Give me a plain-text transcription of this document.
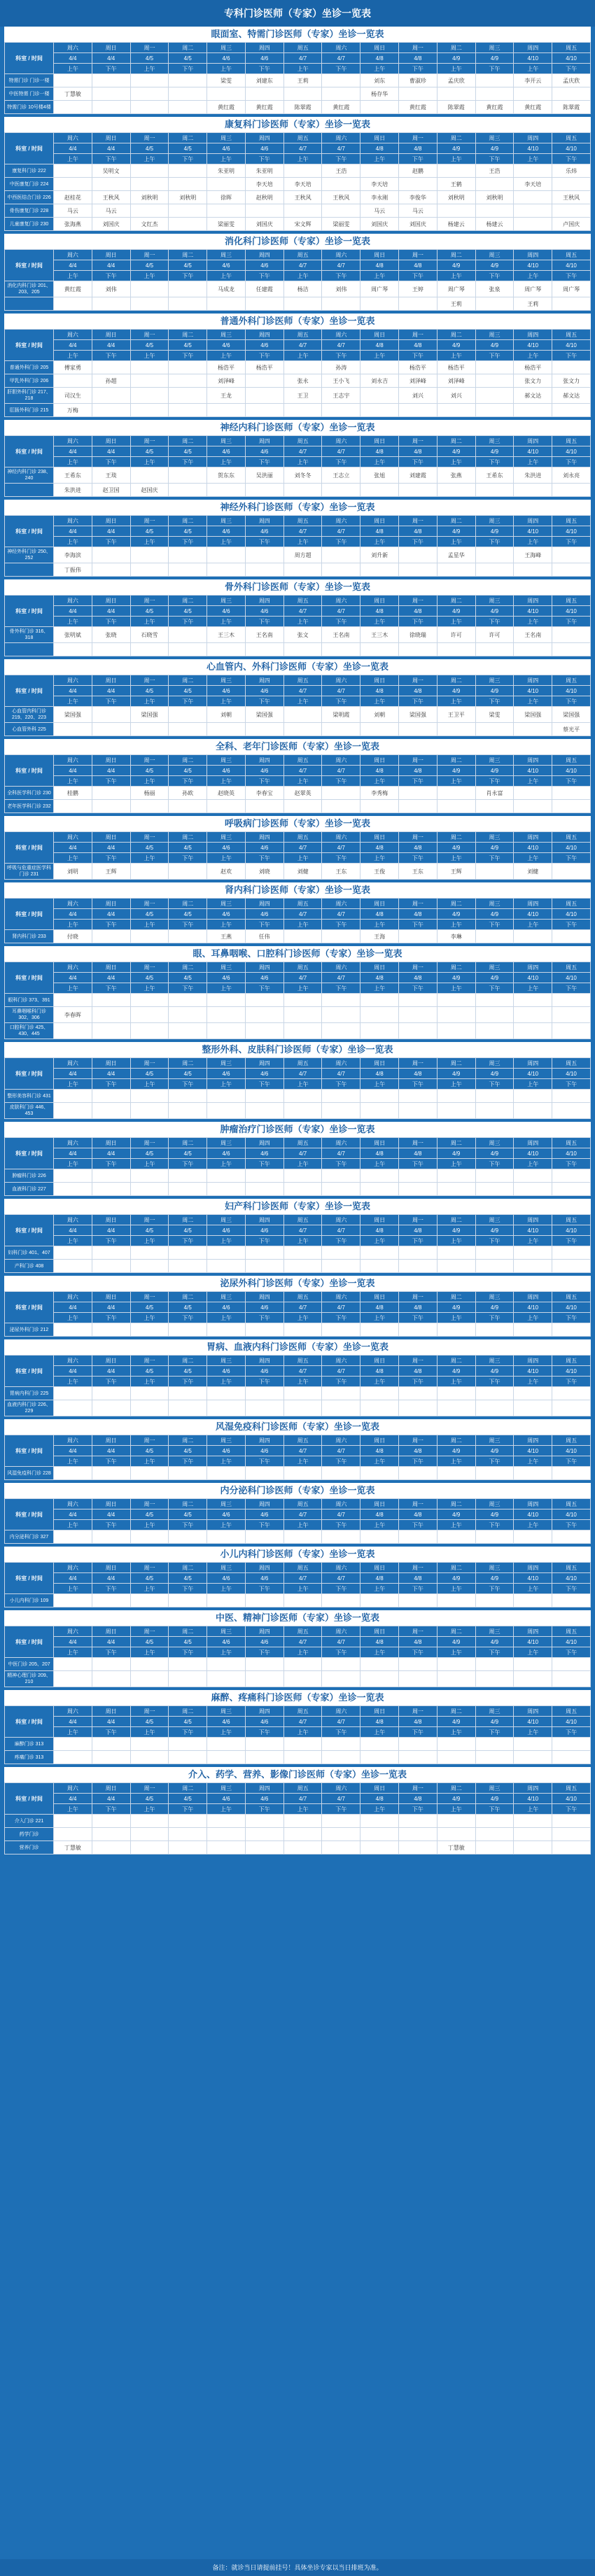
专科门诊医师（专家）坐诊一览表
眼面室、特需门诊医师（专家）坐诊一览表
科室 / 时间	周六	周日	周一	周二	周三	周四	周五	周六	周日	周一	周二	周三	周四	周五
	4/4	4/4	4/5	4/5	4/6	4/6	4/7	4/7	4/8	4/8	4/9	4/9	4/10	4/10
	上午	下午	上午	下午	上午	下午	上午	下午	上午	下午	上午	下午	上午	下午
特需门诊 门诊一楼					梁雯	刘建东	王莉		刘东	曹淑珍	孟庆欣		李开云	孟庆欣
中医特需 门诊一楼	丁慧敏								杨存华					
特需门诊 10号楼4楼					黄红霞	黄红霞	陈翠霞	黄红霞		黄红霞	陈翠霞	黄红霞	黄红霞	陈翠霞
康复科门诊医师（专家）坐诊一览表
科室 / 时间	周六	周日	周一	周二	周三	周四	周五	周六	周日	周一	周二	周三	周四	周五
	4/4	4/4	4/5	4/5	4/6	4/6	4/7	4/7	4/8	4/8	4/9	4/9	4/10	4/10
	上午	下午	上午	下午	上午	下午	上午	下午	上午	下午	上午	下午	上午	下午
康复科门诊 222		吴明文			朱亚明	朱亚明		王浩		赵鹏		王浩		乐炜
中医康复门诊 224						李天培	李天培		李天培		王鹤		李天培	
中西医结合门诊 226	赵桂花	王秋风	刘秋明	刘秋明	徐晖	赵秋明	王秋风	王秋风	李永刚	李俊华	刘秋明	刘秋明		王秋风
骨伤康复门诊 228	马云	马云							马云	马云				
儿童康复门诊 230	张海燕	刘国庆	文红杰		梁丽雯	刘国庆	宋文辉	梁丽雯	刘国庆	刘国庆	杨建云	杨建云		卢国庆
消化科门诊医师（专家）坐诊一览表
科室 / 时间	周六	周日	周一	周二	周三	周四	周五	周六	周日	周一	周二	周三	周四	周五
	4/4	4/4	4/5	4/5	4/6	4/6	4/7	4/7	4/8	4/8	4/9	4/9	4/10	4/10
	上午	下午	上午	下午	上午	下午	上午	下午	上午	下午	上午	下午	上午	下午
消化内科门诊 201、203、205	黄红霞	刘伟			马成龙	任建霞	杨洁	刘伟	周广琴	王婷	周广琴	张泉	周广琴	周广琴
											王莉		王莉	
普通外科门诊医师（专家）坐诊一览表
科室 / 时间	周六	周日	周一	周二	周三	周四	周五	周六	周日	周一	周二	周三	周四	周五
	4/4	4/4	4/5	4/5	4/6	4/6	4/7	4/7	4/8	4/8	4/9	4/9	4/10	4/10
	上午	下午	上午	下午	上午	下午	上午	下午	上午	下午	上午	下午	上午	下午
普通外科门诊 205	傅家勇				杨浩平	杨浩平		孙涛		杨浩平	杨浩平		杨浩平	
甲乳外科门诊 206		孙超			刘泽峰		张永	王小飞	刘永吉	刘泽峰	刘泽峰		张文力	张文力
肝胆外科门诊 217、218	司汉生				王龙		王卫	王志宇		刘兴	刘兴		郝文达	郝文达
肛肠外科门诊 215	万梅													
神经内科门诊医师（专家）坐诊一览表
科室 / 时间	周六	周日	周一	周二	周三	周四	周五	周六	周日	周一	周二	周三	周四	周五
	4/4	4/4	4/5	4/5	4/6	4/6	4/7	4/7	4/8	4/8	4/9	4/9	4/10	4/10
	上午	下午	上午	下午	上午	下午	上午	下午	上午	下午	上午	下午	上午	下午
神经内科门诊 238、240	王希东	王琰			贺东东	吴洪丽	刘冬冬	王志立	张旭	刘建霞	张燕	王希东	朱洪进	刘永亮
	朱洪进	赵卫国	赵国庆											
神经外科门诊医师（专家）坐诊一览表
科室 / 时间	周六	周日	周一	周二	周三	周四	周五	周六	周日	周一	周二	周三	周四	周五
	4/4	4/4	4/5	4/5	4/6	4/6	4/7	4/7	4/8	4/8	4/9	4/9	4/10	4/10
	上午	下午	上午	下午	上午	下午	上午	下午	上午	下午	上午	下午	上午	下午
神经外科门诊 250、252	李海滨						周方超		刘升新		孟星华		王海峰	
	丁振伟													
骨外科门诊医师（专家）坐诊一览表
科室 / 时间	周六	周日	周一	周二	周三	周四	周五	周六	周日	周一	周二	周三	周四	周五
	4/4	4/4	4/5	4/5	4/6	4/6	4/7	4/7	4/8	4/8	4/9	4/9	4/10	4/10
	上午	下午	上午	下午	上午	下午	上午	下午	上午	下午	上午	下午	上午	下午
骨外科门诊 316、318	张明斌	张晓	石晓雪		王三木	王名南	张文	王名南	王三木	徐晓瑞	许可	许可	王名南	

心血管内、外科门诊医师（专家）坐诊一览表
科室 / 时间	周六	周日	周一	周二	周三	周四	周五	周六	周日	周一	周二	周三	周四	周五
	4/4	4/4	4/5	4/5	4/6	4/6	4/7	4/7	4/8	4/8	4/9	4/9	4/10	4/10
	上午	下午	上午	下午	上午	下午	上午	下午	上午	下午	上午	下午	上午	下午
心血管内科门诊 219、220、223	梁国强		梁国强		刘朝	梁国强		梁明霞	刘朝	梁国强	王卫平	梁雯	梁国强	梁国强
心血管外科 225														蔡光平
全科、老年门诊医师（专家）坐诊一览表
科室 / 时间	周六	周日	周一	周二	周三	周四	周五	周六	周日	周一	周二	周三	周四	周五
	4/4	4/4	4/5	4/5	4/6	4/6	4/7	4/7	4/8	4/8	4/9	4/9	4/10	4/10
	上午	下午	上午	下午	上午	下午	上午	下午	上午	下午	上午	下午	上午	下午
全科医学科门诊 230	桂鹏		杨丽	孙欧	赵晓英	李春宝	赵翠英		李秀梅			肖永富		
老年医学科门诊 232														
呼吸病门诊医师（专家）坐诊一览表
科室 / 时间	周六	周日	周一	周二	周三	周四	周五	周六	周日	周一	周二	周三	周四	周五
	4/4	4/4	4/5	4/5	4/6	4/6	4/7	4/7	4/8	4/8	4/9	4/9	4/10	4/10
	上午	下午	上午	下午	上午	下午	上午	下午	上午	下午	上午	下午	上午	下午
呼吸与危重症医学科门诊 231	刘明	王辉			赵欢	刘晓	刘健	王东	王俊	王东	王辉		刘健	
肾内科门诊医师（专家）坐诊一览表
科室 / 时间	周六	周日	周一	周二	周三	周四	周五	周六	周日	周一	周二	周三	周四	周五
	4/4	4/4	4/5	4/5	4/6	4/6	4/7	4/7	4/8	4/8	4/9	4/9	4/10	4/10
	上午	下午	上午	下午	上午	下午	上午	下午	上午	下午	上午	下午	上午	下午
肾内科门诊 233	付晓				王燕	任伟			王海		李琳			
眼、耳鼻咽喉、口腔科门诊医师（专家）坐诊一览表
科室 / 时间	周六	周日	周一	周二	周三	周四	周五	周六	周日	周一	周二	周三	周四	周五
	4/4	4/4	4/5	4/5	4/6	4/6	4/7	4/7	4/8	4/8	4/9	4/9	4/10	4/10
	上午	下午	上午	下午	上午	下午	上午	下午	上午	下午	上午	下午	上午	下午
眼科门诊 373、391														
耳鼻咽喉科门诊 302、306	李春晖													
口腔科门诊 425、430、445														
整形外科、皮肤科门诊医师（专家）坐诊一览表
科室 / 时间	周六	周日	周一	周二	周三	周四	周五	周六	周日	周一	周二	周三	周四	周五
	4/4	4/4	4/5	4/5	4/6	4/6	4/7	4/7	4/8	4/8	4/9	4/9	4/10	4/10
	上午	下午	上午	下午	上午	下午	上午	下午	上午	下午	上午	下午	上午	下午
整形美容科门诊 431														
皮肤科门诊 446、453														
肿瘤治疗门诊医师（专家）坐诊一览表
科室 / 时间	周六	周日	周一	周二	周三	周四	周五	周六	周日	周一	周二	周三	周四	周五
	4/4	4/4	4/5	4/5	4/6	4/6	4/7	4/7	4/8	4/8	4/9	4/9	4/10	4/10
	上午	下午	上午	下午	上午	下午	上午	下午	上午	下午	上午	下午	上午	下午
肿瘤科门诊 226														
血液科门诊 227														
妇产科门诊医师（专家）坐诊一览表
科室 / 时间	周六	周日	周一	周二	周三	周四	周五	周六	周日	周一	周二	周三	周四	周五
	4/4	4/4	4/5	4/5	4/6	4/6	4/7	4/7	4/8	4/8	4/9	4/9	4/10	4/10
	上午	下午	上午	下午	上午	下午	上午	下午	上午	下午	上午	下午	上午	下午
妇科门诊 401、407														
产科门诊 408														
泌尿外科门诊医师（专家）坐诊一览表
科室 / 时间	周六	周日	周一	周二	周三	周四	周五	周六	周日	周一	周二	周三	周四	周五
	4/4	4/4	4/5	4/5	4/6	4/6	4/7	4/7	4/8	4/8	4/9	4/9	4/10	4/10
	上午	下午	上午	下午	上午	下午	上午	下午	上午	下午	上午	下午	上午	下午
泌尿外科门诊 212														
胃病、血液内科门诊医师（专家）坐诊一览表
科室 / 时间	周六	周日	周一	周二	周三	周四	周五	周六	周日	周一	周二	周三	周四	周五
	4/4	4/4	4/5	4/5	4/6	4/6	4/7	4/7	4/8	4/8	4/9	4/9	4/10	4/10
	上午	下午	上午	下午	上午	下午	上午	下午	上午	下午	上午	下午	上午	下午
胃病内科门诊 225														
血液内科门诊 226、229														
风湿免疫科门诊医师（专家）坐诊一览表
科室 / 时间	周六	周日	周一	周二	周三	周四	周五	周六	周日	周一	周二	周三	周四	周五
	4/4	4/4	4/5	4/5	4/6	4/6	4/7	4/7	4/8	4/8	4/9	4/9	4/10	4/10
	上午	下午	上午	下午	上午	下午	上午	下午	上午	下午	上午	下午	上午	下午
风湿免疫科门诊 228														
内分泌科门诊医师（专家）坐诊一览表
科室 / 时间	周六	周日	周一	周二	周三	周四	周五	周六	周日	周一	周二	周三	周四	周五
	4/4	4/4	4/5	4/5	4/6	4/6	4/7	4/7	4/8	4/8	4/9	4/9	4/10	4/10
	上午	下午	上午	下午	上午	下午	上午	下午	上午	下午	上午	下午	上午	下午
内分泌科门诊 327														
小儿内科门诊医师（专家）坐诊一览表
科室 / 时间	周六	周日	周一	周二	周三	周四	周五	周六	周日	周一	周二	周三	周四	周五
	4/4	4/4	4/5	4/5	4/6	4/6	4/7	4/7	4/8	4/8	4/9	4/9	4/10	4/10
	上午	下午	上午	下午	上午	下午	上午	下午	上午	下午	上午	下午	上午	下午
小儿内科门诊 109														
中医、精神门诊医师（专家）坐诊一览表
科室 / 时间	周六	周日	周一	周二	周三	周四	周五	周六	周日	周一	周二	周三	周四	周五
	4/4	4/4	4/5	4/5	4/6	4/6	4/7	4/7	4/8	4/8	4/9	4/9	4/10	4/10
	上午	下午	上午	下午	上午	下午	上午	下午	上午	下午	上午	下午	上午	下午
中医门诊 205、207														
精神心理门诊 209、210														
麻醉、疼痛科门诊医师（专家）坐诊一览表
科室 / 时间	周六	周日	周一	周二	周三	周四	周五	周六	周日	周一	周二	周三	周四	周五
	4/4	4/4	4/5	4/5	4/6	4/6	4/7	4/7	4/8	4/8	4/9	4/9	4/10	4/10
	上午	下午	上午	下午	上午	下午	上午	下午	上午	下午	上午	下午	上午	下午
麻醉门诊 313														
疼痛门诊 313														
介入、药学、营养、影像门诊医师（专家）坐诊一览表
科室 / 时间	周六	周日	周一	周二	周三	周四	周五	周六	周日	周一	周二	周三	周四	周五
	4/4	4/4	4/5	4/5	4/6	4/6	4/7	4/7	4/8	4/8	4/9	4/9	4/10	4/10
	上午	下午	上午	下午	上午	下午	上午	下午	上午	下午	上午	下午	上午	下午
介入门诊 221														
药学门诊														
营养门诊	丁慧敏										丁慧敏			
备注：就诊当日请提前挂号！具体坐诊专家以当日排班为准。
